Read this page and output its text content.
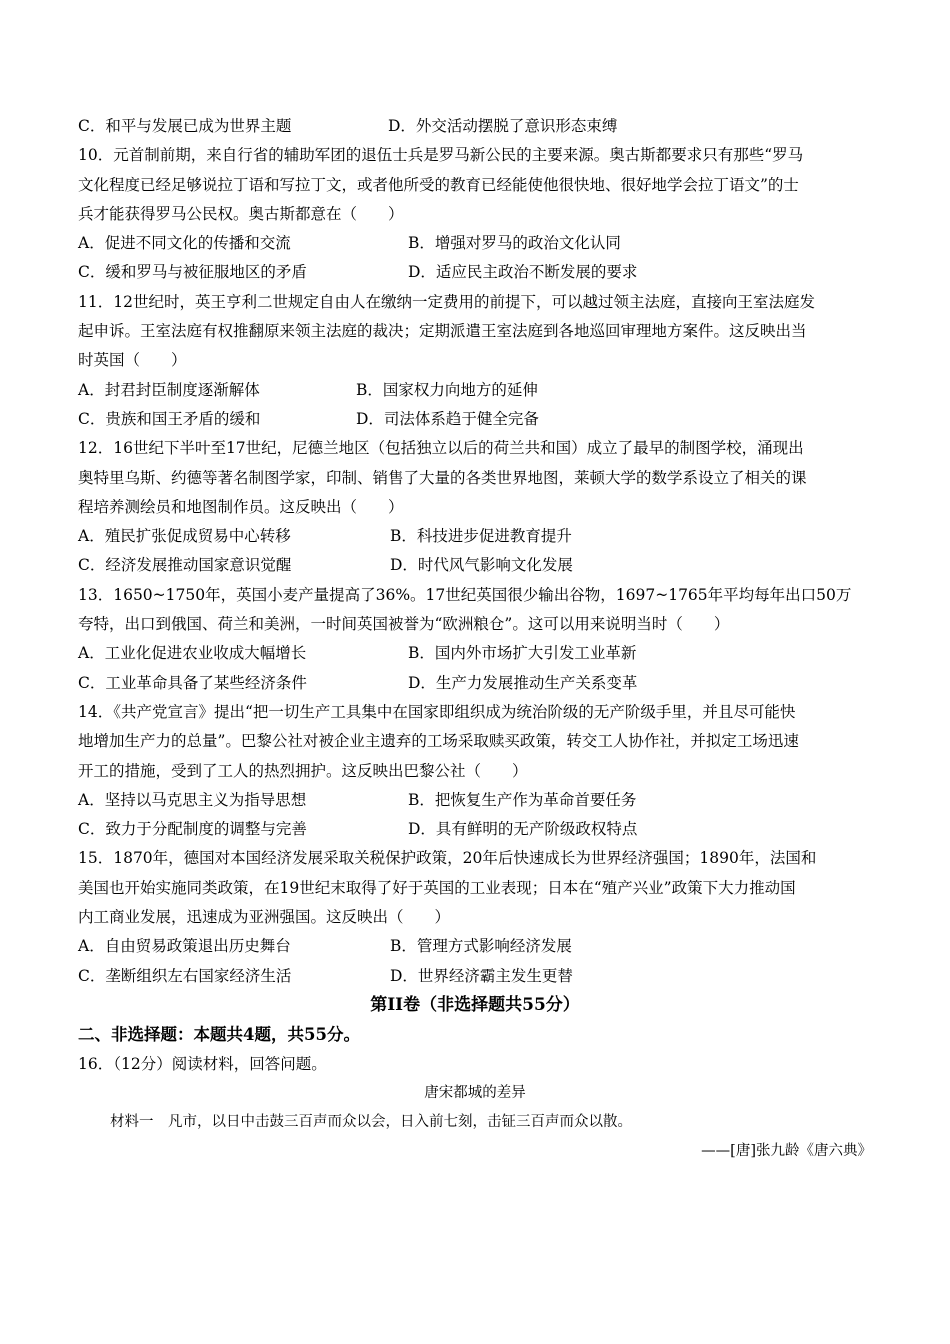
C．和平与发展已成为世界主题	D．外交活动摆脱了意识形态束缚
10．元首制前期，来自行省的辅助军团的退伍士兵是罗马新公民的主要来源。奥古斯都要求只有那些“罗马
文化程度已经足够说拉丁语和写拉丁文，或者他所受的教育已经能使他很快地、很好地学会拉丁语文”的士
兵才能获得罗马公民权。奥古斯都意在（　　）
A．促进不同文化的传播和交流	B．增强对罗马的政治文化认同
C．缓和罗马与被征服地区的矛盾	D．适应民主政治不断发展的要求
11．12世纪时，英王亨利二世规定自由人在缴纳一定费用的前提下，可以越过领主法庭，直接向王室法庭发
起申诉。王室法庭有权推翻原来领主法庭的裁决；定期派遣王室法庭到各地巡回审理地方案件。这反映出当
时英国（　　）
A．封君封臣制度逐渐解体	B．国家权力向地方的延伸
C．贵族和国王矛盾的缓和	D．司法体系趋于健全完备
12．16世纪下半叶至17世纪，尼德兰地区（包括独立以后的荷兰共和国）成立了最早的制图学校，涌现出
奥特里乌斯、约德等著名制图学家，印制、销售了大量的各类世界地图，莱顿大学的数学系设立了相关的课
程培养测绘员和地图制作员。这反映出（　　）
A．殖民扩张促成贸易中心转移	B．科技进步促进教育提升
C．经济发展推动国家意识觉醒	D．时代风气影响文化发展
13．1650~1750年，英国小麦产量提高了36%。17世纪英国很少输出谷物，1697~1765年平均每年出口50万
夸特，出口到俄国、荷兰和美洲，一时间英国被誉为“欧洲粮仓”。这可以用来说明当时（　　）
A．工业化促进农业收成大幅增长	B．国内外市场扩大引发工业革新
C．工业革命具备了某些经济条件	D．生产力发展推动生产关系变革
14．《共产党宣言》提出“把一切生产工具集中在国家即组织成为统治阶级的无产阶级手里，并且尽可能快
地增加生产力的总量”。巴黎公社对被企业主遗弃的工场采取赎买政策，转交工人协作社，并拟定工场迅速
开工的措施，受到了工人的热烈拥护。这反映出巴黎公社（　　）
A．坚持以马克思主义为指导思想	B．把恢复生产作为革命首要任务
C．致力于分配制度的调整与完善	D．具有鲜明的无产阶级政权特点
15．1870年，德国对本国经济发展采取关税保护政策，20年后快速成长为世界经济强国；1890年，法国和
美国也开始实施同类政策，在19世纪末取得了好于英国的工业表现；日本在“殖产兴业”政策下大力推动国
内工商业发展，迅速成为亚洲强国。这反映出（　　）
A．自由贸易政策退出历史舞台	B．管理方式影响经济发展
C．垄断组织左右国家经济生活	D．世界经济霸主发生更替
第II卷（非选择题共55分）
二、非选择题：本题共4题，共55分。
16．（12分）阅读材料，回答问题。
唐宋都城的差异
材料一　凡市，以日中击鼓三百声而众以会，日入前七刻，击钲三百声而众以散。
——[唐]张九龄《唐六典》
